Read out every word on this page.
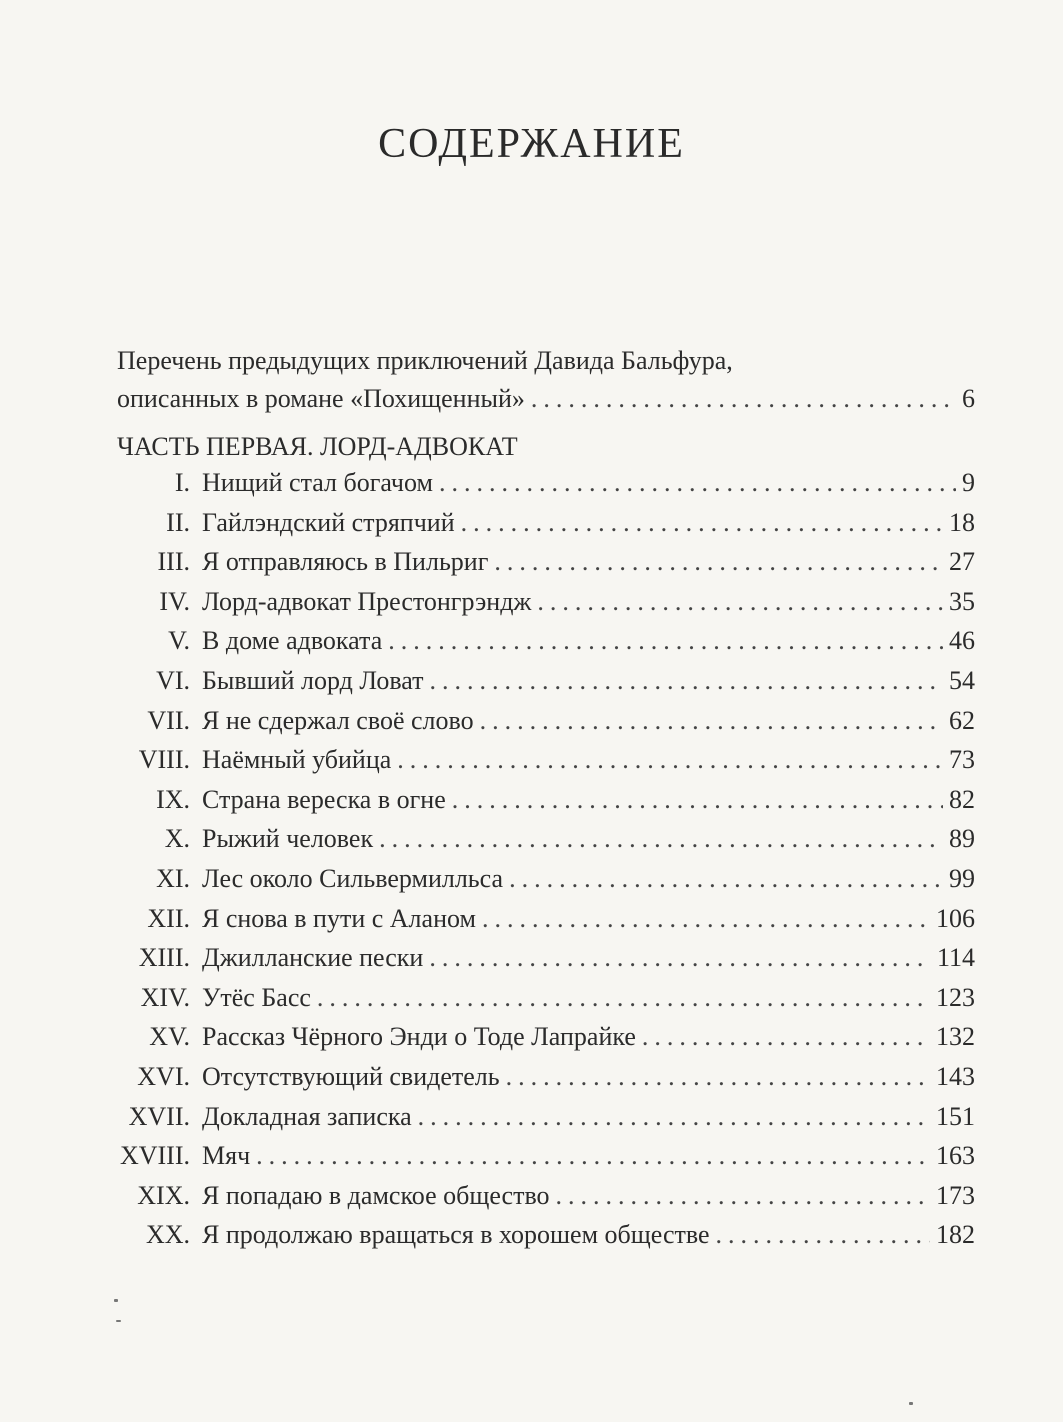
СОДЕРЖАНИЕ
Перечень предыдущих приключений Давида Бальфура,
описанных в романе «Похищенный» .....	6
ЧАСТЬ ПЕРВАЯ. ЛОРД-АДВОКАТ
I. Нищий стал богачом .....	9
II. Гайлэндский стряпчий .....	18
III. Я отправляюсь в Пильриг .....	27
IV. Лорд-адвокат Престонгрэндж .....	35
V. В доме адвоката .....	46
VI. Бывший лорд Ловат .....	54
VII. Я не сдержал своё слово .....	62
VIII. Наёмный убийца .....	73
IX. Страна вереска в огне .....	82
X. Рыжий человек .....	89
XI. Лес около Сильвермилльса .....	99
XII. Я снова в пути с Аланом .....	106
XIII. Джилланские пески .....	114
XIV. Утёс Басс .....	123
XV. Рассказ Чёрного Энди о Тоде Лапрайке .....	132
XVI. Отсутствующий свидетель .....	143
XVII. Докладная записка .....	151
XVIII. Мяч .....	163
XIX. Я попадаю в дамское общество .....	173
XX. Я продолжаю вращаться в хорошем обществе .....	182
